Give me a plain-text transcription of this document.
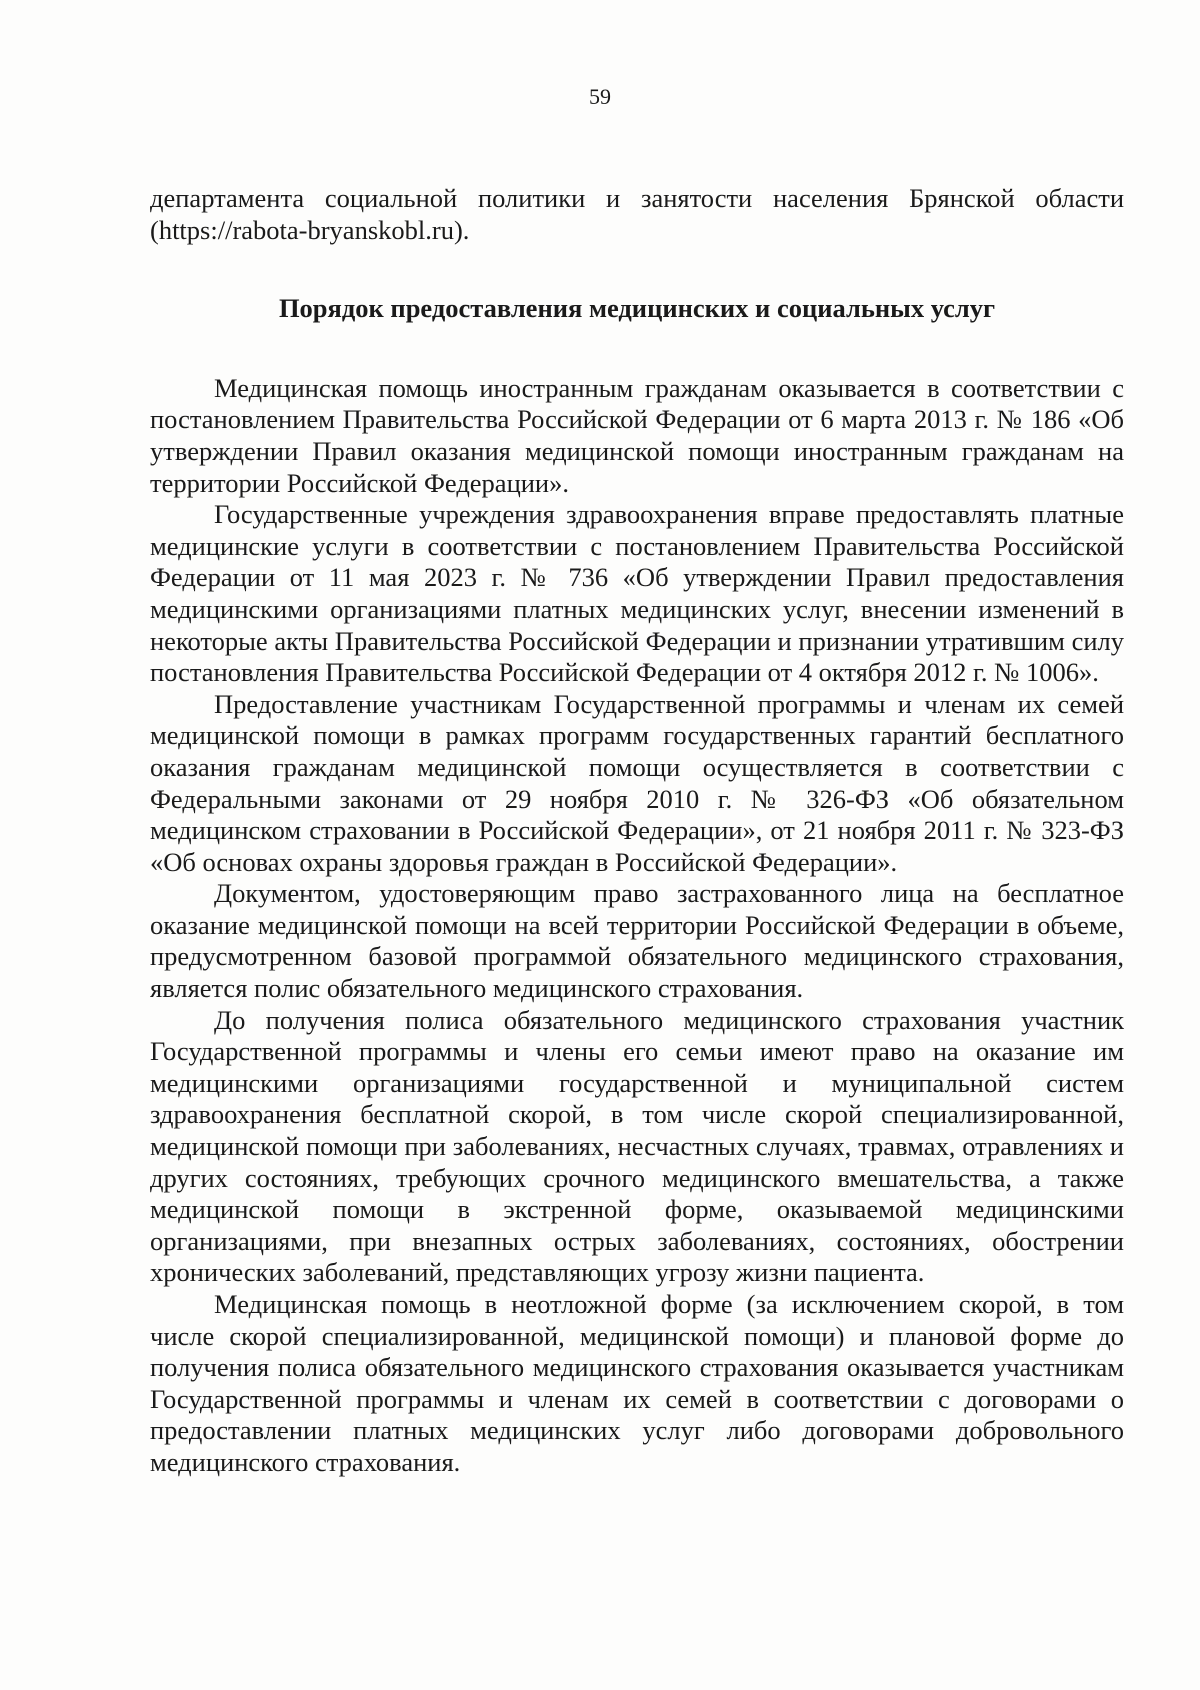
59

департамента социальной политики и занятости населения Брянской области (https://rabota-bryanskobl.ru).

Порядок предоставления медицинских и социальных услуг

Медицинская помощь иностранным гражданам оказывается в соответствии с постановлением Правительства Российской Федерации от 6 марта 2013 г. № 186 «Об утверждении Правил оказания медицинской помощи иностранным гражданам на территории Российской Федерации».

Государственные учреждения здравоохранения вправе предоставлять платные медицинские услуги в соответствии с постановлением Правительства Российской Федерации от 11 мая 2023 г. № 736 «Об утверждении Правил предоставления медицинскими организациями платных медицинских услуг, внесении изменений в некоторые акты Правительства Российской Федерации и признании утратившим силу постановления Правительства Российской Федерации от 4 октября 2012 г. № 1006».

Предоставление участникам Государственной программы и членам их семей медицинской помощи в рамках программ государственных гарантий бесплатного оказания гражданам медицинской помощи осуществляется в соответствии с Федеральными законами от 29 ноября 2010 г. № 326-ФЗ «Об обязательном медицинском страховании в Российской Федерации», от 21 ноября 2011 г. № 323-ФЗ «Об основах охраны здоровья граждан в Российской Федерации».

Документом, удостоверяющим право застрахованного лица на бесплатное оказание медицинской помощи на всей территории Российской Федерации в объеме, предусмотренном базовой программой обязательного медицинского страхования, является полис обязательного медицинского страхования.

До получения полиса обязательного медицинского страхования участник Государственной программы и члены его семьи имеют право на оказание им медицинскими организациями государственной и муниципальной систем здравоохранения бесплатной скорой, в том числе скорой специализированной, медицинской помощи при заболеваниях, несчастных случаях, травмах, отравлениях и других состояниях, требующих срочного медицинского вмешательства, а также медицинской помощи в экстренной форме, оказываемой медицинскими организациями, при внезапных острых заболеваниях, состояниях, обострении хронических заболеваний, представляющих угрозу жизни пациента.

Медицинская помощь в неотложной форме (за исключением скорой, в том числе скорой специализированной, медицинской помощи) и плановой форме до получения полиса обязательного медицинского страхования оказывается участникам Государственной программы и членам их семей в соответствии с договорами о предоставлении платных медицинских услуг либо договорами добровольного медицинского страхования.
